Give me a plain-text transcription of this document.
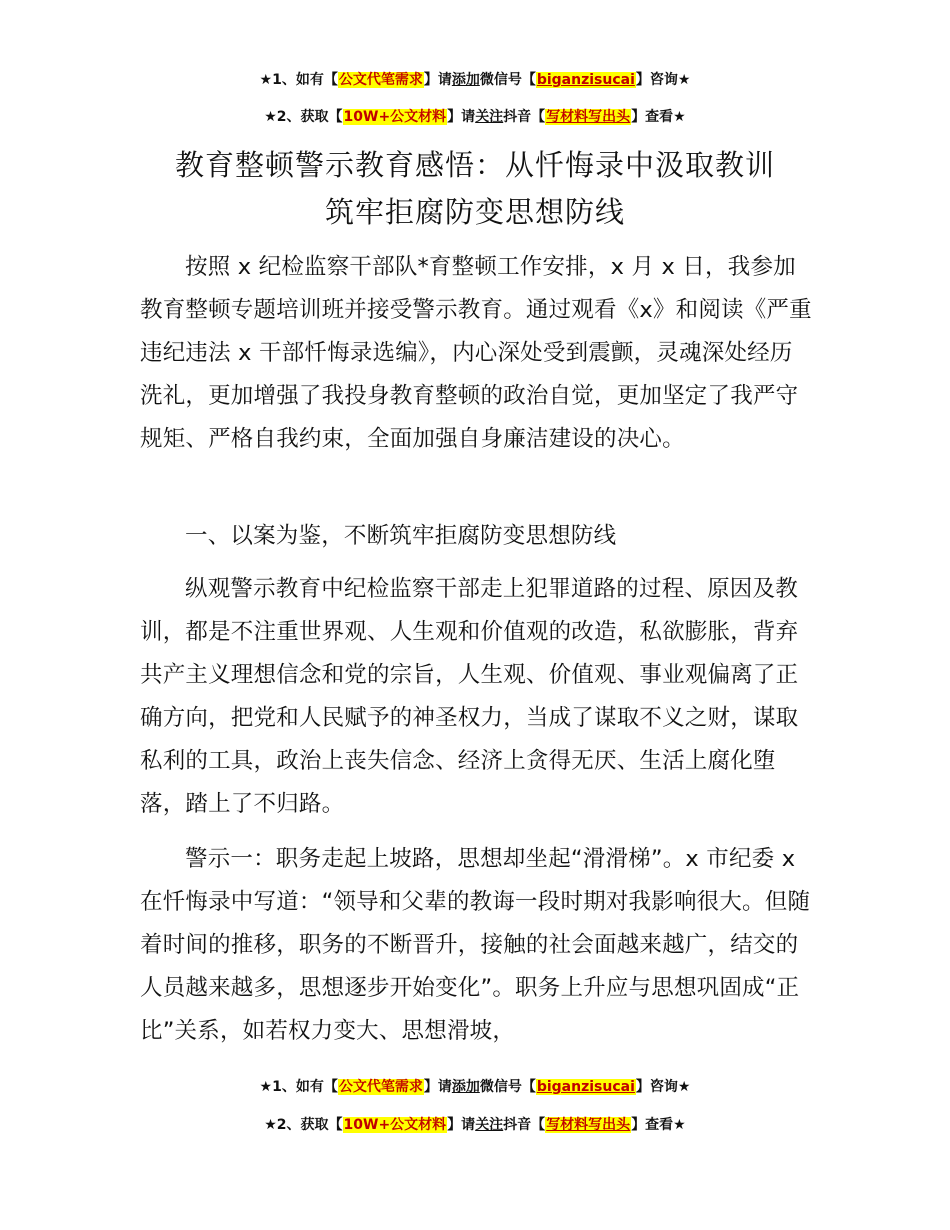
★1、如有【公文代笔需求】请添加微信号【biganzisucai】咨询★
★2、获取【10W+公文材料】请关注抖音【写材料写出头】查看★
教育整顿警示教育感悟：从忏悔录中汲取教训
筑牢拒腐防变思想防线
按照 x 纪检监察干部队*育整顿工作安排，x 月 x 日，我参加教育整顿专题培训班并接受警示教育。通过观看《x》和阅读《严重违纪违法 x 干部忏悔录选编》，内心深处受到震颤，灵魂深处经历洗礼，更加增强了我投身教育整顿的政治自觉，更加坚定了我严守规矩、严格自我约束，全面加强自身廉洁建设的决心。
一、以案为鉴，不断筑牢拒腐防变思想防线
纵观警示教育中纪检监察干部走上犯罪道路的过程、原因及教训，都是不注重世界观、人生观和价值观的改造，私欲膨胀，背弃共产主义理想信念和党的宗旨，人生观、价值观、事业观偏离了正确方向，把党和人民赋予的神圣权力，当成了谋取不义之财，谋取私利的工具，政治上丧失信念、经济上贪得无厌、生活上腐化堕落，踏上了不归路。
警示一：职务走起上坡路，思想却坐起“滑滑梯”。x 市纪委 x 在忏悔录中写道：“领导和父辈的教诲一段时期对我影响很大。但随着时间的推移，职务的不断晋升，接触的社会面越来越广，结交的人员越来越多，思想逐步开始变化”。职务上升应与思想巩固成“正比”关系，如若权力变大、思想滑坡，
★1、如有【公文代笔需求】请添加微信号【biganzisucai】咨询★
★2、获取【10W+公文材料】请关注抖音【写材料写出头】查看★
